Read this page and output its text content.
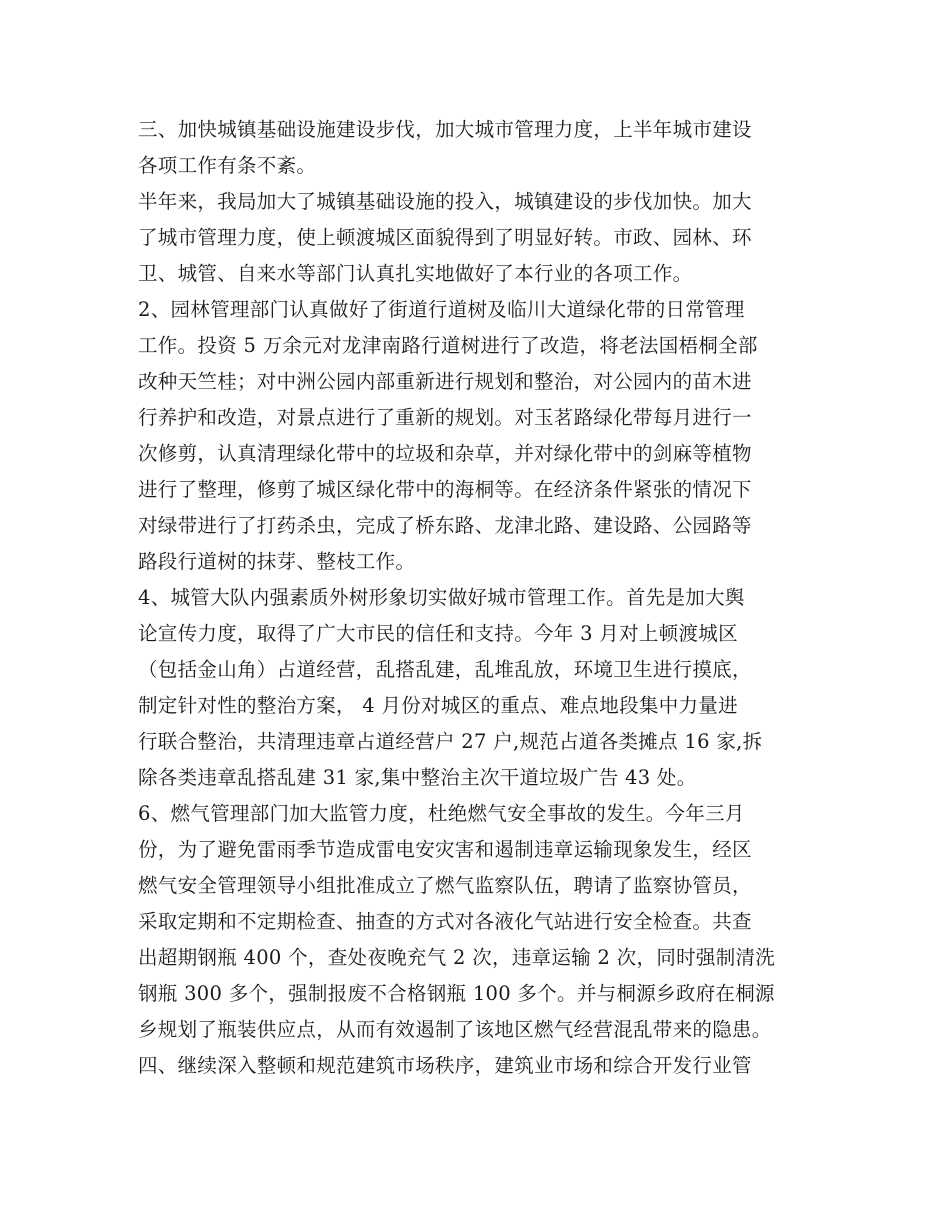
三、加快城镇基础设施建设步伐，加大城市管理力度，上半年城市建设
各项工作有条不紊。
半年来，我局加大了城镇基础设施的投入，城镇建设的步伐加快。加大
了城市管理力度，使上顿渡城区面貌得到了明显好转。市政、园林、环
卫、城管、自来水等部门认真扎实地做好了本行业的各项工作。
2、园林管理部门认真做好了街道行道树及临川大道绿化带的日常管理
工作。投资 5 万余元对龙津南路行道树进行了改造，将老法国梧桐全部
改种天竺桂；对中洲公园内部重新进行规划和整治，对公园内的苗木进
行养护和改造，对景点进行了重新的规划。对玉茗路绿化带每月进行一
次修剪，认真清理绿化带中的垃圾和杂草，并对绿化带中的剑麻等植物
进行了整理，修剪了城区绿化带中的海桐等。在经济条件紧张的情况下
对绿带进行了打药杀虫，完成了桥东路、龙津北路、建设路、公园路等
路段行道树的抹芽、整枝工作。
4、城管大队内强素质外树形象切实做好城市管理工作。首先是加大舆
论宣传力度，取得了广大市民的信任和支持。今年 3 月对上顿渡城区
（包括金山角）占道经营，乱搭乱建，乱堆乱放，环境卫生进行摸底，
制定针对性的整治方案， 4 月份对城区的重点、难点地段集中力量进
行联合整治，共清理违章占道经营户 27 户,规范占道各类摊点 16 家,拆
除各类违章乱搭乱建 31 家,集中整治主次干道垃圾广告 43 处。
6、燃气管理部门加大监管力度，杜绝燃气安全事故的发生。今年三月
份，为了避免雷雨季节造成雷电安灾害和遏制违章运输现象发生，经区
燃气安全管理领导小组批准成立了燃气监察队伍，聘请了监察协管员，
采取定期和不定期检查、抽查的方式对各液化气站进行安全检查。共查
出超期钢瓶 400 个，查处夜晚充气 2 次，违章运输 2 次，同时强制清洗
钢瓶 300 多个，强制报废不合格钢瓶 100 多个。并与桐源乡政府在桐源
乡规划了瓶装供应点，从而有效遏制了该地区燃气经营混乱带来的隐患。
四、继续深入整顿和规范建筑市场秩序，建筑业市场和综合开发行业管
